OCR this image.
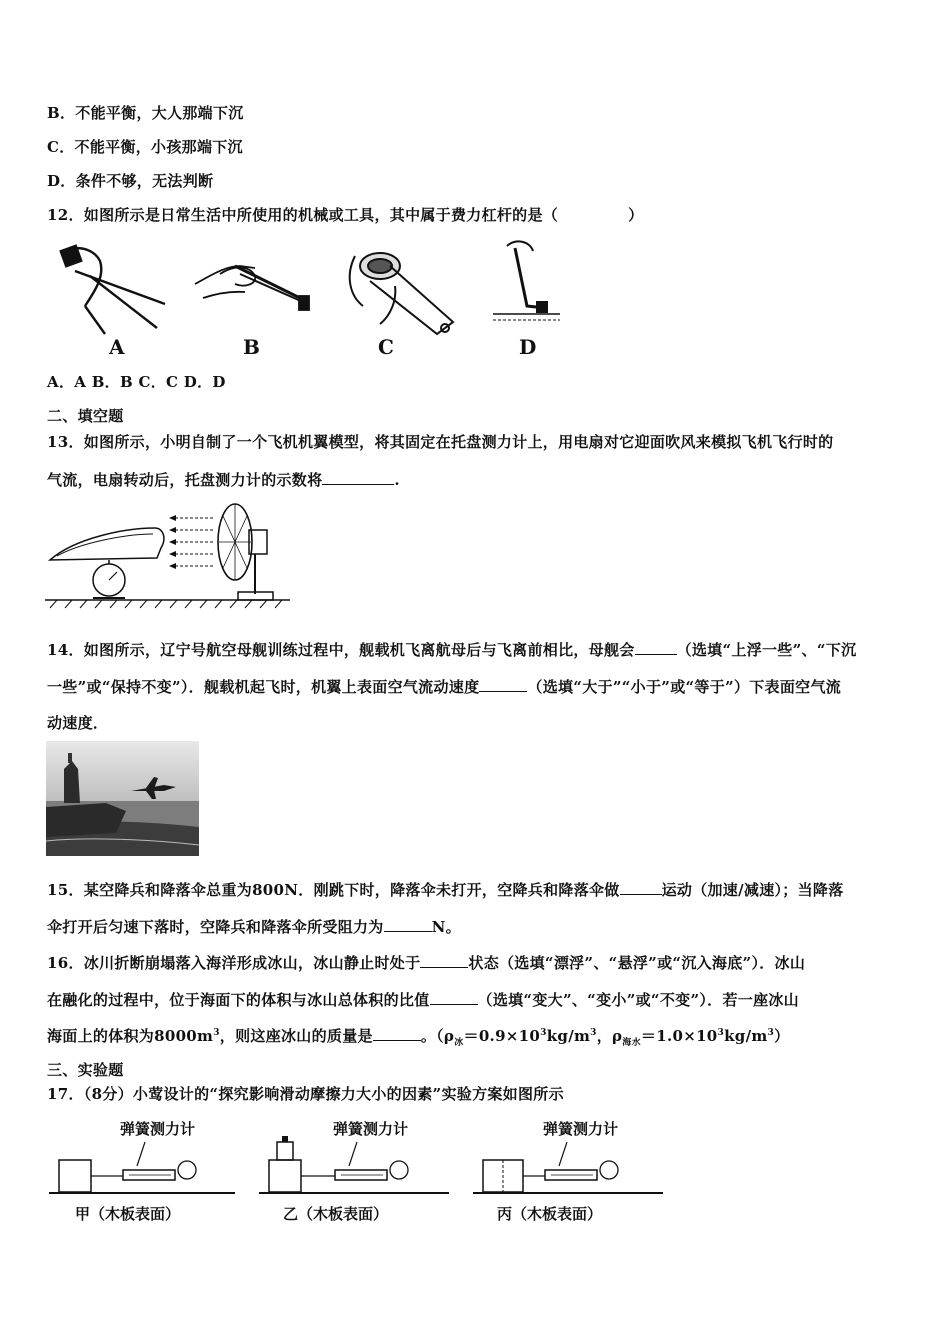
B．不能平衡，大人那端下沉
C．不能平衡，小孩那端下沉
D．条件不够，无法判断
12．如图所示是日常生活中所使用的机械或工具，其中属于费力杠杆的是（	）
A	B	C	D
A．A B．B C．C D．D
二、填空题
13．如图所示，小明自制了一个飞机机翼模型，将其固定在托盘测力计上，用电扇对它迎面吹风来模拟飞机飞行时的
气流，电扇转动后，托盘测力计的示数将	.
14．如图所示，辽宁号航空母舰训练过程中，舰载机飞离航母后与飞离前相比，母舰会	（选填“上浮一些”、“下沉
一些”或“保持不变”）．舰载机起飞时，机翼上表面空气流动速度	（选填“大于”“小于”或“等于”）下表面空气流
动速度．
15．某空降兵和降落伞总重为800N．刚跳下时，降落伞未打开，空降兵和降落伞做	运动（加速/减速）；当降落
伞打开后匀速下落时，空降兵和降落伞所受阻力为	N。
16．冰川折断崩塌落入海洋形成冰山，冰山静止时处于	状态（选填“漂浮”、“悬浮”或“沉入海底”）．冰山
在融化的过程中，位于海面下的体积与冰山总体积的比值	（选填“变大”、“变小”或“不变”）．若一座冰山
海面上的体积为$8000m^3$，则这座冰山的质量是	。（$\rho_冰=0.9\times 10^3kg/m^3$，$\rho_{海水}=1.0\times 10^3kg/m^3$）
三、实验题
17．（8分）小莺设计的“探究影响滑动摩擦力大小的因素”实验方案如图所示
弹簧测力计
甲（木板表面）
弹簧测力计
乙（木板表面）
弹簧测力计
丙（木板表面）
